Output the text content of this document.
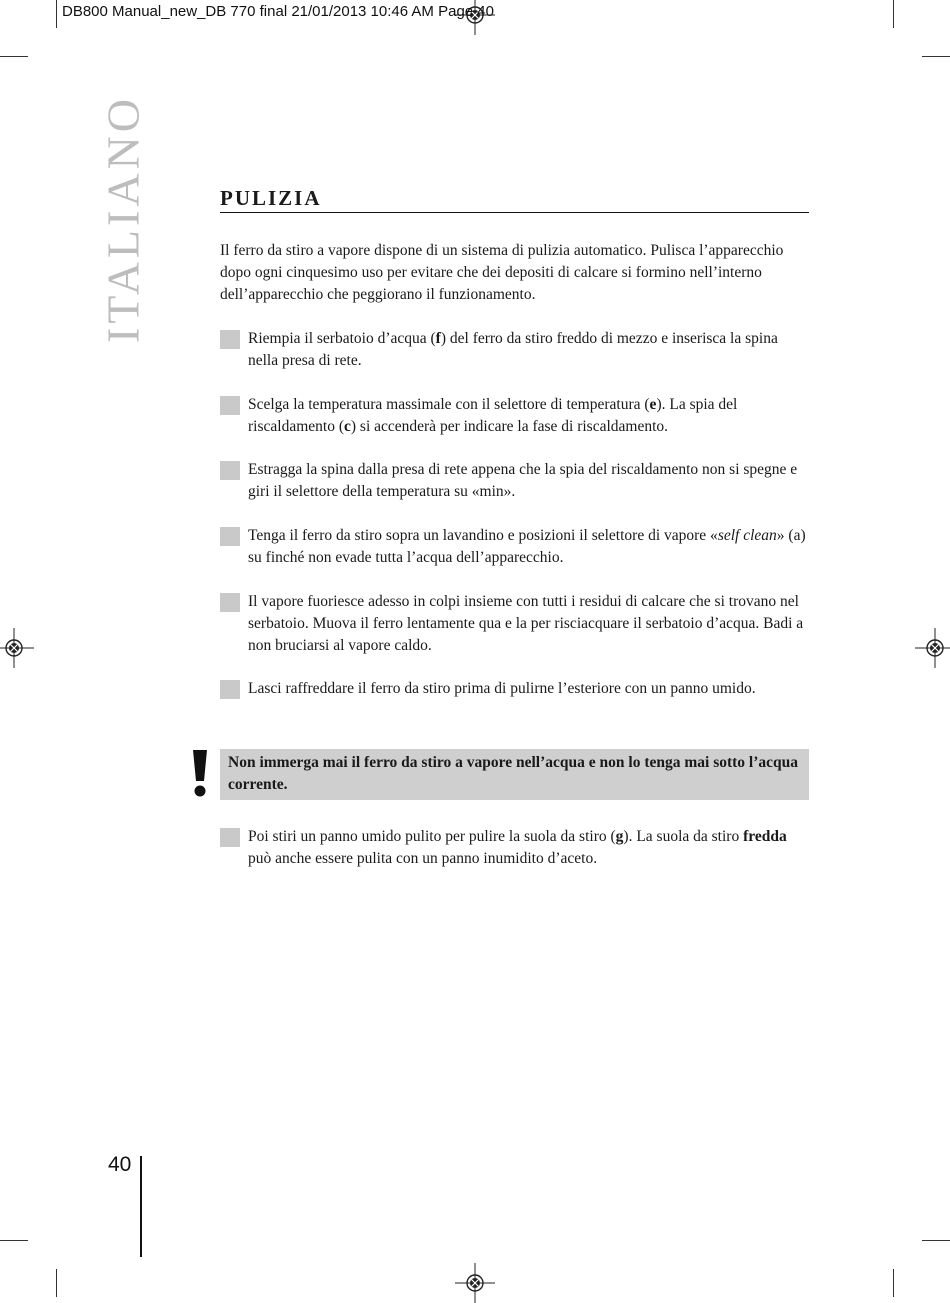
DB800 Manual_new_DB 770 final 21/01/2013 10:46 AM Page 40
ITALIANO	PULIZIA

Il ferro da stiro a vapore dispone di un sistema di pulizia automatico. Pulisca l’apparecchio dopo ogni cinquesimo uso per evitare che dei depositi di calcare si formino nell’interno dell’apparecchio che peggiorano il funzionamento.

Riempia il serbatoio d’acqua (f) del ferro da stiro freddo di mezzo e inserisca la spina nella presa di rete.
Scelga la temperatura massimale con il selettore di temperatura (e). La spia del riscaldamento (c) si accenderà per indicare la fase di riscaldamento.
Estragga la spina dalla presa di rete appena che la spia del riscaldamento non si spegne e giri il selettore della temperatura su «min».
Tenga il ferro da stiro sopra un lavandino e posizioni il selettore di vapore «self clean» (a) su finché non evade tutta l’acqua dell’apparecchio.
Il vapore fuoriesce adesso in colpi insieme con tutti i residui di calcare che si trovano nel serbatoio. Muova il ferro lentamente qua e la per risciacquare il serbatoio d’acqua. Badi a non bruciarsi al vapore caldo.
Lasci raffreddare il ferro da stiro prima di pulirne l’esteriore con un panno umido.
Non immerga mai il ferro da stiro a vapore nell’acqua e non lo tenga mai sotto l’acqua corrente.
Poi stiri un panno umido pulito per pulire la suola da stiro (g). La suola da stiro fredda può anche essere pulita con un panno inumidito d’aceto.
40
